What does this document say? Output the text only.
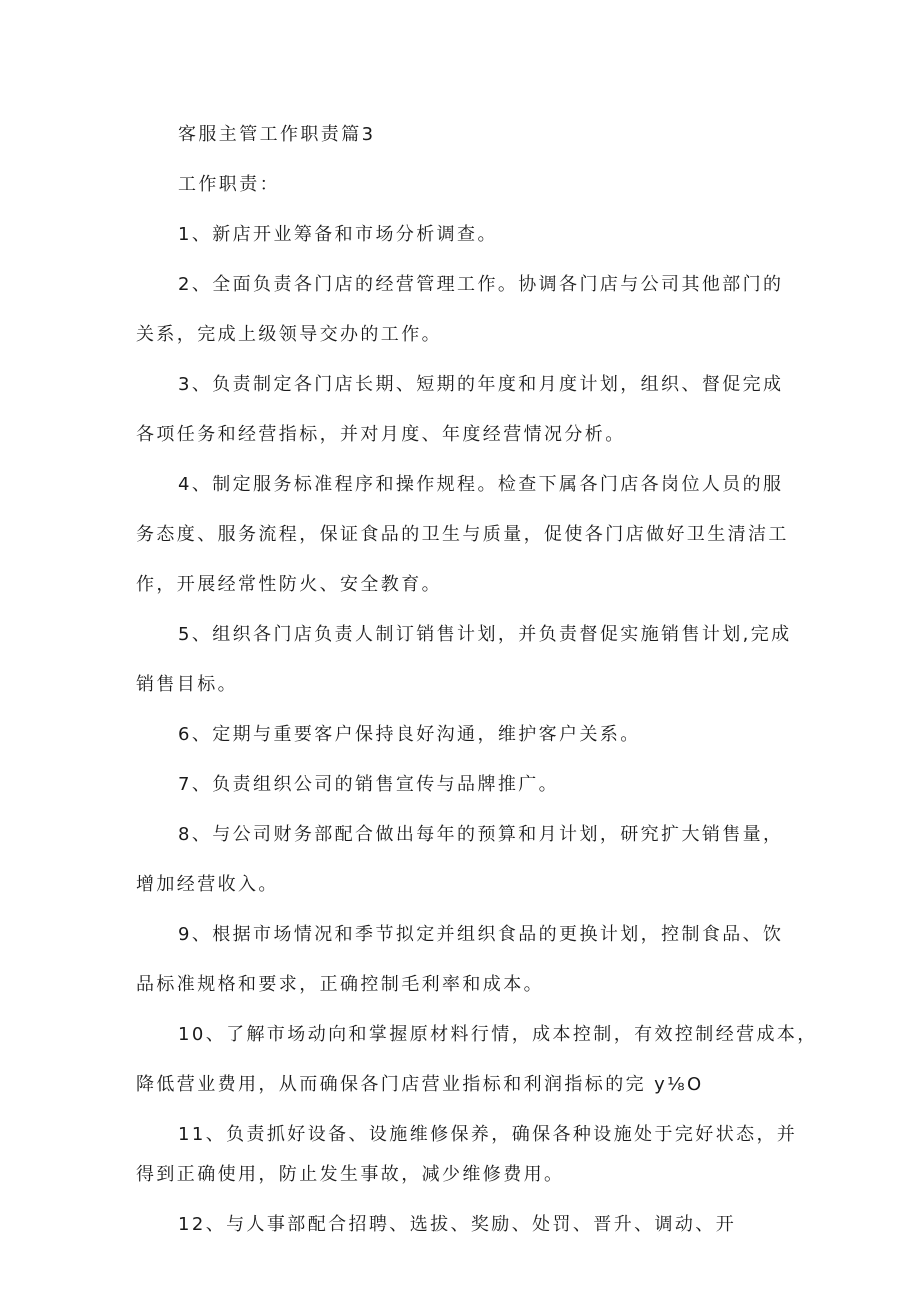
客服主管工作职责篇3
工作职责：
1、新店开业筹备和市场分析调查。
2、全面负责各门店的经营管理工作。协调各门店与公司其他部门的
关系，完成上级领导交办的工作。
3、负责制定各门店长期、短期的年度和月度计划，组织、督促完成
各项任务和经营指标，并对月度、年度经营情况分析。
4、制定服务标准程序和操作规程。检查下属各门店各岗位人员的服
务态度、服务流程，保证食品的卫生与质量，促使各门店做好卫生清洁工
作，开展经常性防火、安全教育。
5、组织各门店负责人制订销售计划，并负责督促实施销售计划,完成
销售目标。
6、定期与重要客户保持良好沟通，维护客户关系。
7、负责组织公司的销售宣传与品牌推广。
8、与公司财务部配合做出每年的预算和月计划，研究扩大销售量，
增加经营收入。
9、根据市场情况和季节拟定并组织食品的更换计划，控制食品、饮
品标准规格和要求，正确控制毛利率和成本。
10、了解市场动向和掌握原材料行情，成本控制，有效控制经营成本，
降低营业费用，从而确保各门店营业指标和利润指标的完 y⅛O
11、负责抓好设备、设施维修保养，确保各种设施处于完好状态，并
得到正确使用，防止发生事故，减少维修费用。
12、与人事部配合招聘、选拔、奖励、处罚、晋升、调动、开
